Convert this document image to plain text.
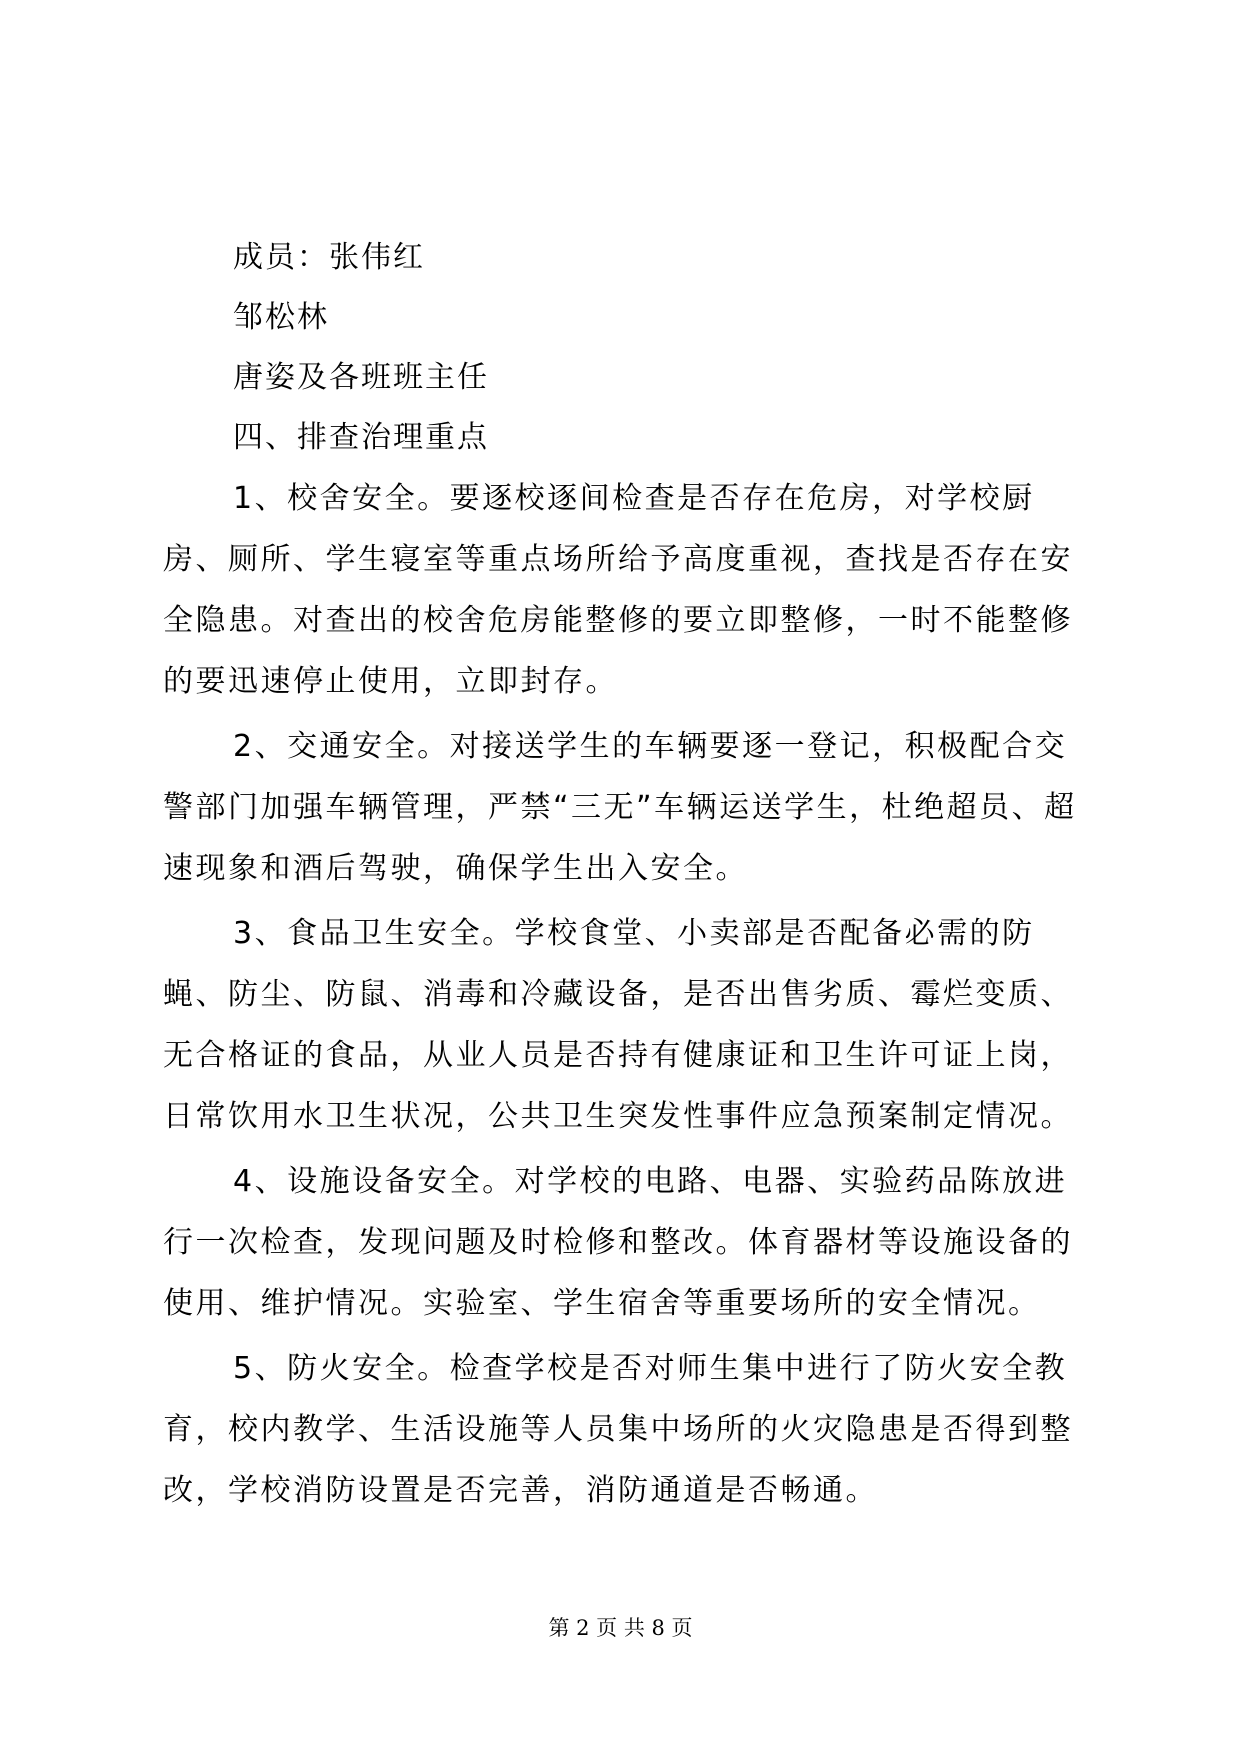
成员：张伟红
邹松林
唐姿及各班班主任
四、排查治理重点

1、校舍安全。要逐校逐间检查是否存在危房，对学校厨房、厕所、学生寝室等重点场所给予高度重视，查找是否存在安全隐患。对查出的校舍危房能整修的要立即整修，一时不能整修的要迅速停止使用，立即封存。

2、交通安全。对接送学生的车辆要逐一登记，积极配合交警部门加强车辆管理，严禁“三无”车辆运送学生，杜绝超员、超速现象和酒后驾驶，确保学生出入安全。

3、食品卫生安全。学校食堂、小卖部是否配备必需的防蝇、防尘、防鼠、消毒和冷藏设备，是否出售劣质、霉烂变质、无合格证的食品，从业人员是否持有健康证和卫生许可证上岗，日常饮用水卫生状况，公共卫生突发性事件应急预案制定情况。

4、设施设备安全。对学校的电路、电器、实验药品陈放进行一次检查，发现问题及时检修和整改。体育器材等设施设备的使用、维护情况。实验室、学生宿舍等重要场所的安全情况。

5、防火安全。检查学校是否对师生集中进行了防火安全教育，校内教学、生活设施等人员集中场所的火灾隐患是否得到整改，学校消防设置是否完善，消防通道是否畅通。

第 2 页 共 8 页
